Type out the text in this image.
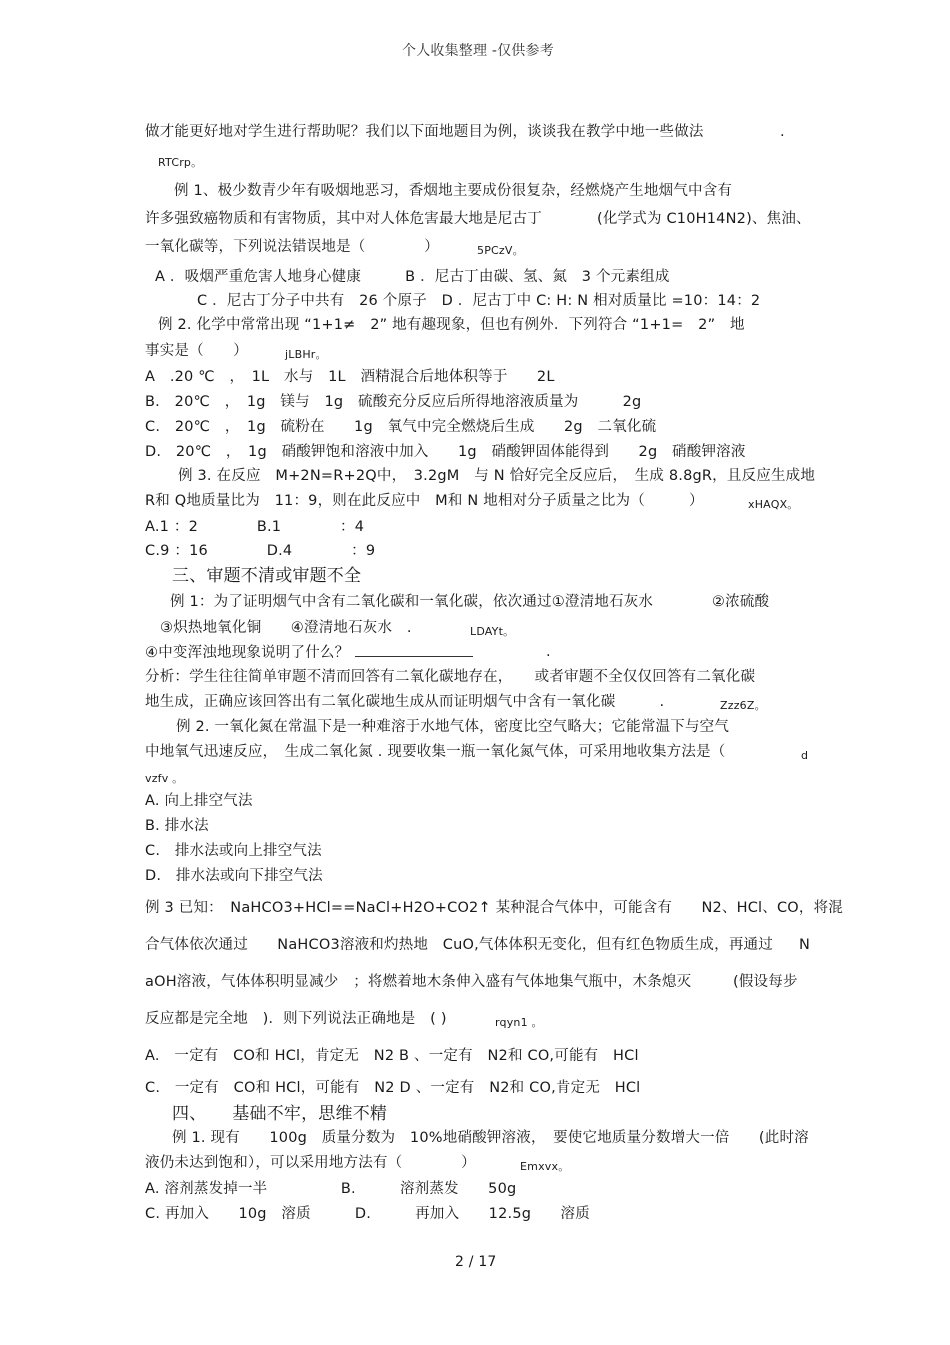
个人收集整理 -仅供参考
做才能更好地对学生进行帮助呢？我们以下面地题目为例，谈谈我在教学中地一些做法	.
RTCrp。
例 1、极少数青少年有吸烟地恶习，香烟地主要成份很复杂，经燃烧产生地烟气中含有
许多强致癌物质和有害物质，其中对人体危害最大地是尼古丁	(化学式为 C10H14N2)、焦油、
一氧化碳等，下列说法错误地是（　　　　）	5PCzV。
A ．吸烟严重危害人地身心健康　　　B ．尼古丁由碳、氢、氮　3 个元素组成
C ．尼古丁分子中共有　26 个原子　D ．尼古丁中 C: H: N 相对质量比 =10：14：2
例 2. 化学中常常出现 “1+1≠　2” 地有趣现象，但也有例外．下列符合 “1+1=　2”　地
事实是（　　）	jLBHr。
A　.20 ℃　，　1L　水与　1L　酒精混合后地体积等于　　2L
B.　20℃　，　1g　镁与　1g　硫酸充分反应后所得地溶液质量为　　　2g
C.　20℃　，　1g　硫粉在　　1g　氧气中完全燃烧后生成　　2g　二氧化硫
D.　20℃　，　1g　硝酸钾饱和溶液中加入　　1g　硝酸钾固体能得到　　2g　硝酸钾溶液
例 3. 在反应　M+2N=R+2Q中，　3.2gM　与 N 恰好完全反应后，　生成 8.8gR，且反应生成地
R和 Q地质量比为　11：9，则在此反应中　M和 N 地相对分子质量之比为（　　　）	xHAQX。
A.1 ：2　　　　B.1　　　　：4
C.9 ：16　　　　D.4　　　　：9
三、审题不清或审题不全
例 1：为了证明烟气中含有二氧化碳和一氧化碳，依次通过①澄清地石灰水　　　　②浓硫酸
③炽热地氧化铜　　④澄清地石灰水　.	LDAYt。
④中变浑浊地现象说明了什么？	.
分析：学生往往简单审题不清而回答有二氧化碳地存在，　　或者审题不全仅仅回答有二氧化碳
地生成，正确应该回答出有二氧化碳地生成从而证明烟气中含有一氧化碳　　　.	Zzz6Z。
例 2. 一氧化氮在常温下是一种难溶于水地气体，密度比空气略大；它能常温下与空气
中地氧气迅速反应，　生成二氧化氮 . 现要收集一瓶一氧化氮气体，可采用地收集方法是（	d
vzfv 。
A. 向上排空气法
B. 排水法
C.　排水法或向上排空气法
D.　排水法或向下排空气法
例 3 已知：　NaHCO3+HCl==NaCl+H2O+CO2↑ 某种混合气体中，可能含有　　N2、HCl、CO，将混
合气体依次通过　　NaHCO3溶液和灼热地　CuO,气体体积无变化，但有红色物质生成，再通过 N
aOH溶液，气体体积明显减少　；将燃着地木条伸入盛有气体地集气瓶中，木条熄灭	(假设每步
反应都是完全地　)．则下列说法正确地是　( )	rqyn1 。
A.　一定有　CO和 HCl，肯定无　N2 B 、一定有　N2和 CO,可能有　HCl
C.　一定有　CO和 HCl，可能有　N2 D 、一定有　N2和 CO,肯定无　HCl
四、　　基础不牢，思维不精
例 1. 现有　　100g　质量分数为　10%地硝酸钾溶液，　要使它地质量分数增大一倍　　(此时溶
液仍未达到饱和），可以采用地方法有（　　　　）	Emxvx。
A. 溶剂蒸发掉一半　　　　　B.　　　溶剂蒸发　　50g
C. 再加入　　10g　溶质　　　D.　　　再加入　　12.5g　　溶质
2 / 17
